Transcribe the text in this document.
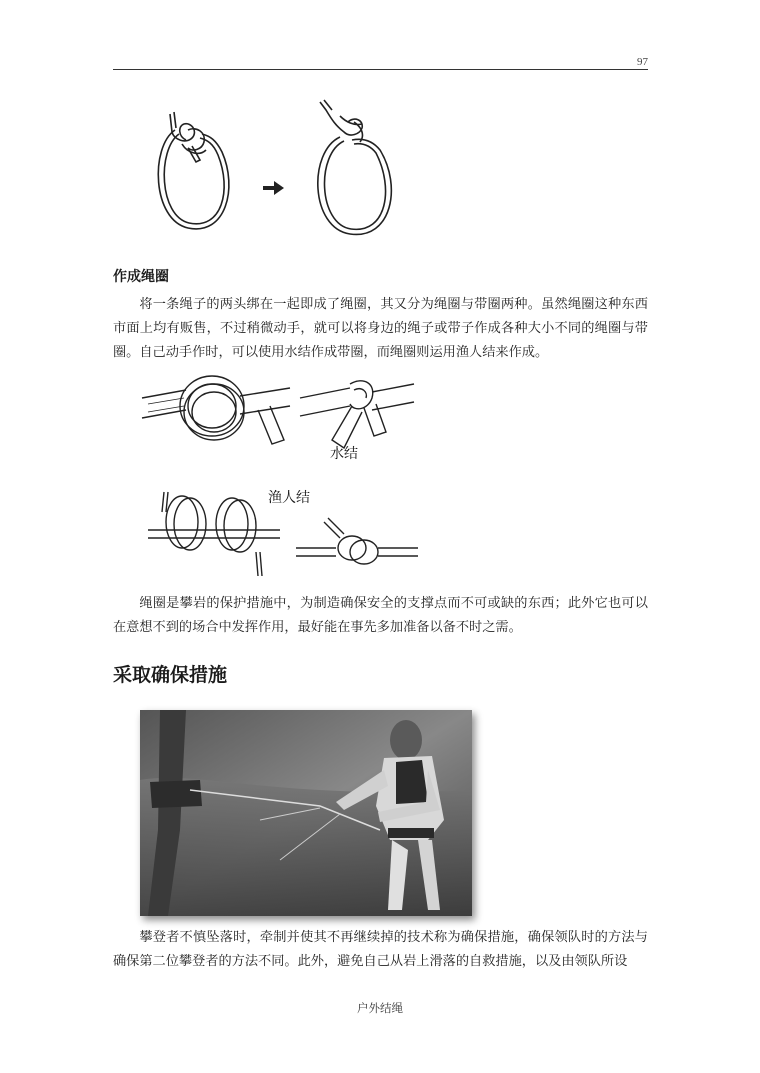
97
作成绳圈

将一条绳子的两头绑在一起即成了绳圈，其又分为绳圈与带圈两种。虽然绳圈这种东西市面上均有贩售，不过稍微动手，就可以将身边的绳子或带子作成各种大小不同的绳圈与带圈。自己动手作时，可以使用水结作成带圈，而绳圈则运用渔人结来作成。

水结
渔人结

绳圈是攀岩的保护措施中，为制造确保安全的支撑点而不可或缺的东西；此外它也可以在意想不到的场合中发挥作用，最好能在事先多加准备以备不时之需。

采取确保措施

攀登者不慎坠落时，牵制并使其不再继续掉的技术称为确保措施，确保领队时的方法与确保第二位攀登者的方法不同。此外，避免自己从岩上滑落的自救措施，以及由领队所设

户外结绳
